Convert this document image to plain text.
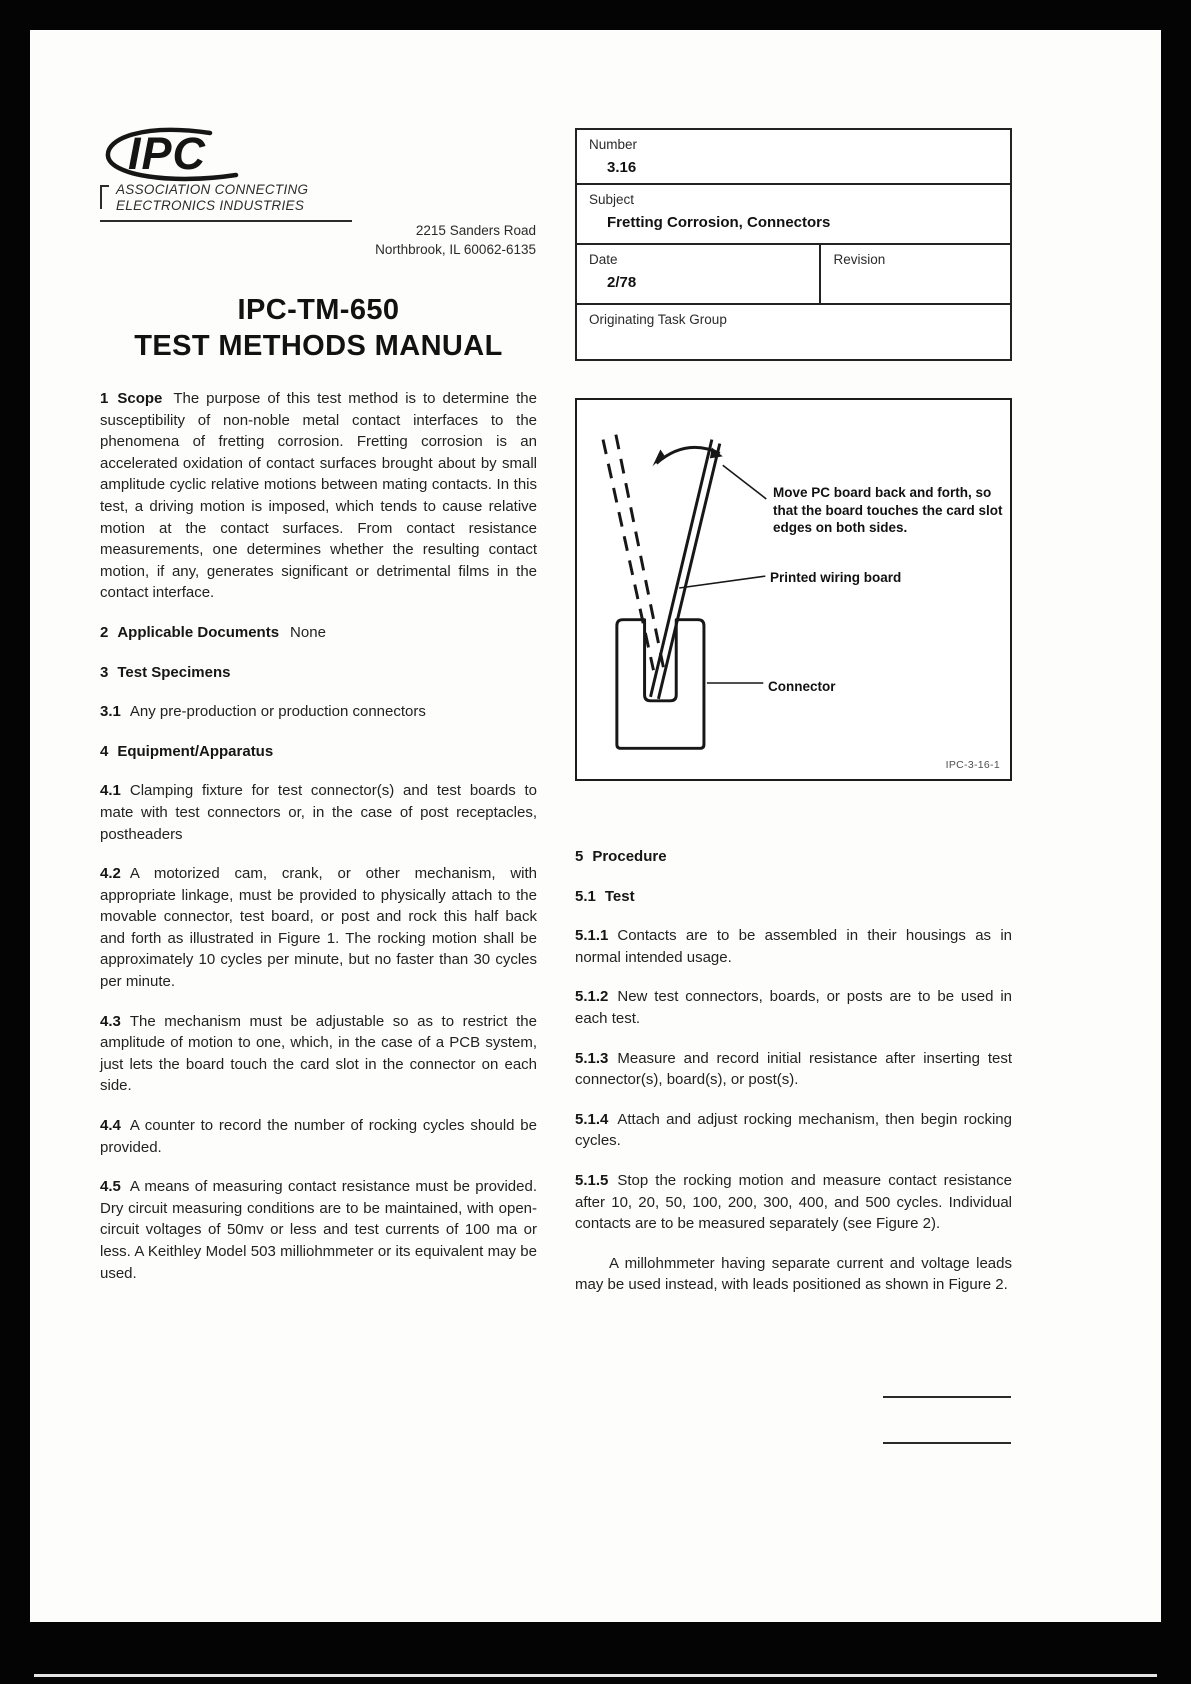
IPC
ASSOCIATION CONNECTING
ELECTRONICS INDUSTRIES
2215 Sanders Road
Northbrook, IL 60062-6135
IPC-TM-650
TEST METHODS MANUAL
Number
3.16
Subject
Fretting Corrosion, Connectors
Date
2/78
Revision
Originating Task Group
Move PC board back and forth, so that the board touches the card slot edges on both sides.
Printed wiring board
Connector
IPC-3-16-1

1 Scope The purpose of this test method is to determine the susceptibility of non-noble metal contact interfaces to the phenomena of fretting corrosion. Fretting corrosion is an accelerated oxidation of contact surfaces brought about by small amplitude cyclic relative motions between mating contacts. In this test, a driving motion is imposed, which tends to cause relative motion at the contact surfaces. From contact resistance measurements, one determines whether the resulting contact motion, if any, generates significant or detrimental films in the contact interface.

2 Applicable Documents None

3 Test Specimens

3.1 Any pre-production or production connectors

4 Equipment/Apparatus

4.1 Clamping fixture for test connector(s) and test boards to mate with test connectors or, in the case of post receptacles, postheaders

4.2 A motorized cam, crank, or other mechanism, with appropriate linkage, must be provided to physically attach to the movable connector, test board, or post and rock this half back and forth as illustrated in Figure 1. The rocking motion shall be approximately 10 cycles per minute, but no faster than 30 cycles per minute.

4.3 The mechanism must be adjustable so as to restrict the amplitude of motion to one, which, in the case of a PCB system, just lets the board touch the card slot in the connector on each side.

4.4 A counter to record the number of rocking cycles should be provided.

4.5 A means of measuring contact resistance must be provided. Dry circuit measuring conditions are to be maintained, with open-circuit voltages of 50mv or less and test currents of 100 ma or less. A Keithley Model 503 milliohmmeter or its equivalent may be used.

5 Procedure

5.1 Test

5.1.1 Contacts are to be assembled in their housings as in normal intended usage.

5.1.2 New test connectors, boards, or posts are to be used in each test.

5.1.3 Measure and record initial resistance after inserting test connector(s), board(s), or post(s).

5.1.4 Attach and adjust rocking mechanism, then begin rocking cycles.

5.1.5 Stop the rocking motion and measure contact resistance after 10, 20, 50, 100, 200, 300, 400, and 500 cycles. Individual contacts are to be measured separately (see Figure 2).

A millohmmeter having separate current and voltage leads may be used instead, with leads positioned as shown in Figure 2.
